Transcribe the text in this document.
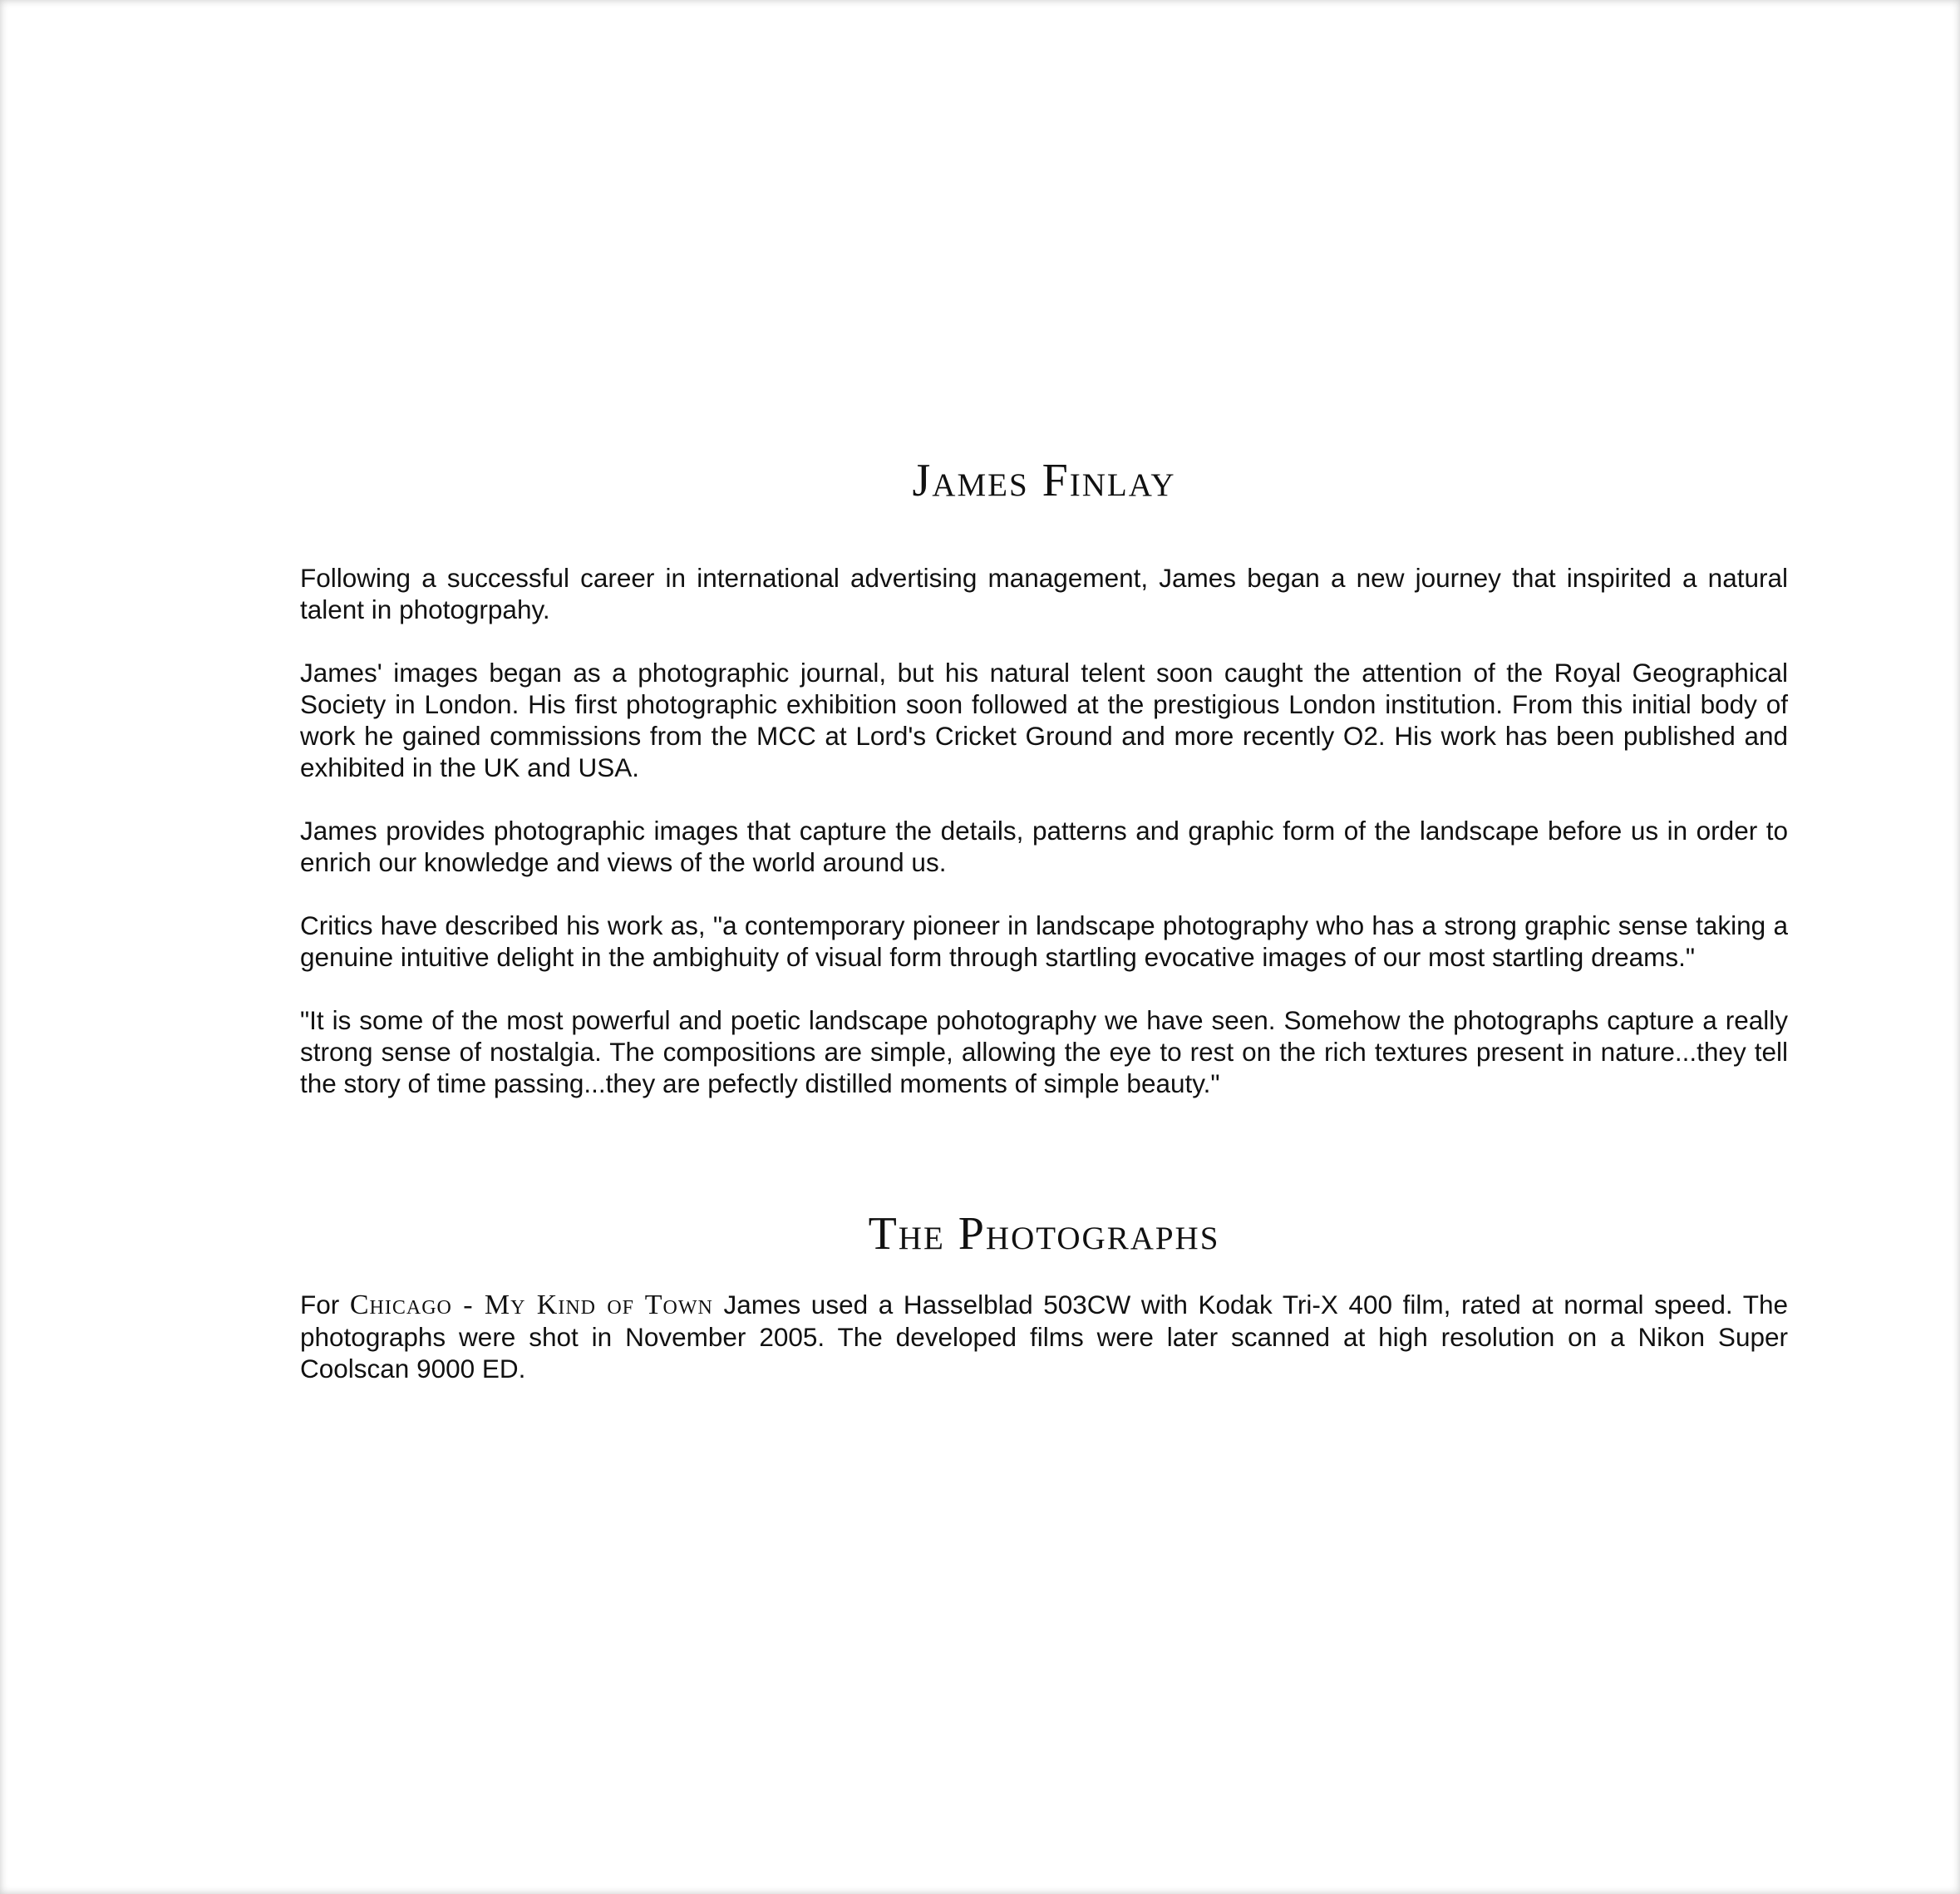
James Finlay

Following a successful career in international advertising management, James began a new journey that inspirited a natural talent in photogrpahy.

James' images began as a photographic journal, but his natural telent soon caught the attention of the Royal Geographical Society in London. His first photographic exhibition soon followed at the prestigious London institution. From this initial body of work he gained commissions from the MCC at Lord's Cricket Ground and more recently O2. His work has been published and exhibited in the UK and USA.

James provides photographic images that capture the details, patterns and graphic form of the landscape before us in order to enrich our knowledge and views of the world around us.

Critics have described his work as, "a contemporary pioneer in landscape photography who has a strong graphic sense taking a genuine intuitive delight in the ambighuity of visual form through startling evocative images of our most startling dreams."

"It is some of the most powerful and poetic landscape pohotography we have seen. Somehow the photographs capture a really strong sense of nostalgia. The compositions are simple, allowing the eye to rest on the rich textures present in nature...they tell the story of time passing...they are pefectly distilled moments of simple beauty."

The Photographs

For Chicago - My Kind of Town James used a Hasselblad 503CW with Kodak Tri-X 400 film, rated at normal speed. The photographs were shot in November 2005. The developed films were later scanned at high resolution on a Nikon Super Coolscan 9000 ED.
